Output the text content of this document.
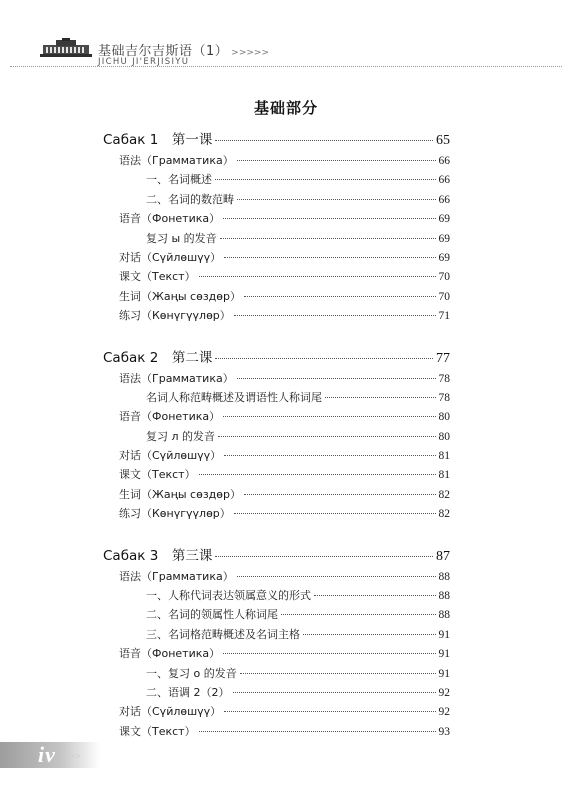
基础吉尔吉斯语（1） >>>>>
JICHU JI'ERJISIYU
基础部分
Сабак 1　第一课	65
语法（Грамматика）	66
一、名词概述	66
二、名词的数范畴	66
语音（Фонетика）	69
复习 ы 的发音	69
对话（Сүйлөшүү）	69
课文（Текст）	70
生词（Жаңы сөздөр）	70
练习（Көнүгүүлөр）	71
Сабак 2　第二课	77
语法（Грамматика）	78
名词人称范畴概述及谓语性人称词尾	78
语音（Фонетика）	80
复习 л 的发音	80
对话（Сүйлөшүү）	81
课文（Текст）	81
生词（Жаңы сөздөр）	82
练习（Көнүгүүлөр）	82
Сабак 3　第三课	87
语法（Грамматика）	88
一、人称代词表达领属意义的形式	88
二、名词的领属性人称词尾	88
三、名词格范畴概述及名词主格	91
语音（Фонетика）	91
一、复习 о 的发音	91
二、语调 2（2）	92
对话（Сүйлөшүү）	92
课文（Текст）	93
iv >>
